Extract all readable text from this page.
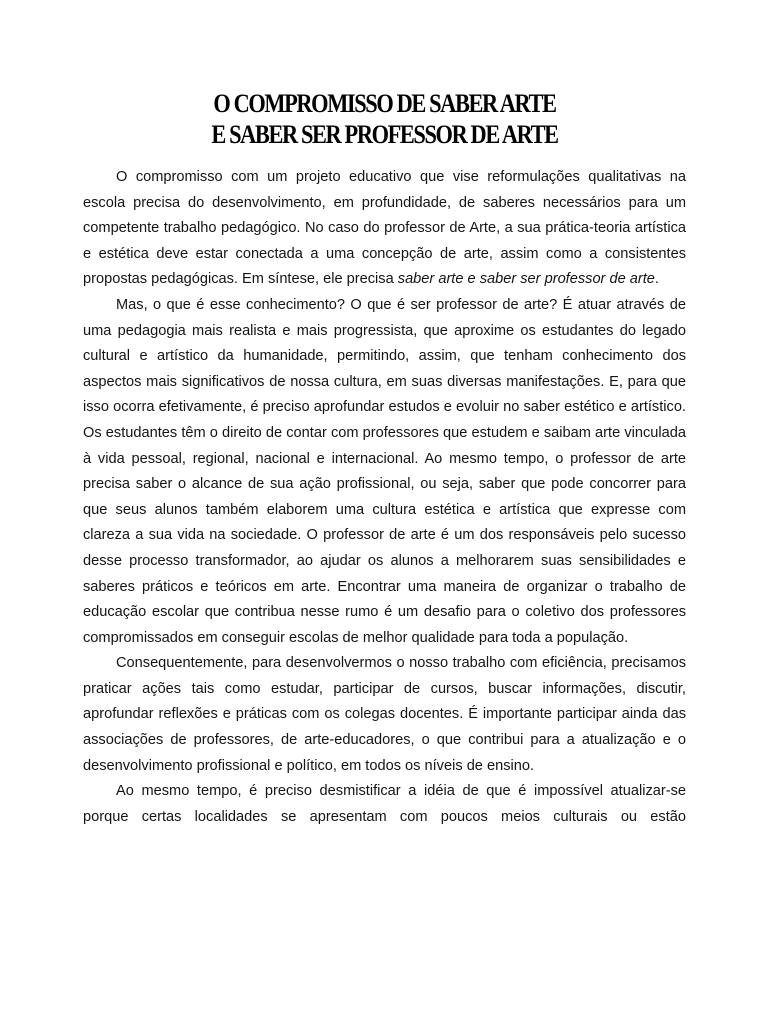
O COMPROMISSO DE SABER ARTE
E SABER SER PROFESSOR DE ARTE

O compromisso com um projeto educativo que vise reformulações qualitativas na escola precisa do desenvolvimento, em profundidade, de saberes necessários para um competente trabalho pedagógico. No caso do professor de Arte, a sua prática-teoria artística e estética deve estar conectada a uma concepção de arte, assim como a consistentes propostas pedagógicas. Em síntese, ele precisa saber arte e saber ser professor de arte.

Mas, o que é esse conhecimento? O que é ser professor de arte? É atuar através de uma pedagogia mais realista e mais progressista, que aproxime os estudantes do legado cultural e artístico da humanidade, permitindo, assim, que tenham conhecimento dos aspectos mais significativos de nossa cultura, em suas diversas manifestações. E, para que isso ocorra efetivamente, é preciso aprofundar estudos e evoluir no saber estético e artístico. Os estudantes têm o direito de contar com professores que estudem e saibam arte vinculada à vida pessoal, regional, nacional e internacional. Ao mesmo tempo, o professor de arte precisa saber o alcance de sua ação profissional, ou seja, saber que pode concorrer para que seus alunos também elaborem uma cultura estética e artística que expresse com clareza a sua vida na sociedade. O professor de arte é um dos responsáveis pelo sucesso desse processo transformador, ao ajudar os alunos a melhorarem suas sensibilidades e saberes práticos e teóricos em arte. Encontrar uma maneira de organizar o trabalho de educação escolar que contribua nesse rumo é um desafio para o coletivo dos professores compromissados em conseguir escolas de melhor qualidade para toda a população.

Consequentemente, para desenvolvermos o nosso trabalho com eficiência, precisamos praticar ações tais como estudar, participar de cursos, buscar informações, discutir, aprofundar reflexões e práticas com os colegas docentes. É importante participar ainda das associações de professores, de arte-educadores, o que contribui para a atualização e o desenvolvimento profissional e político, em todos os níveis de ensino.

Ao mesmo tempo, é preciso desmistificar a idéia de que é impossível atualizar-se porque certas localidades se apresentam com poucos meios culturais ou estão
